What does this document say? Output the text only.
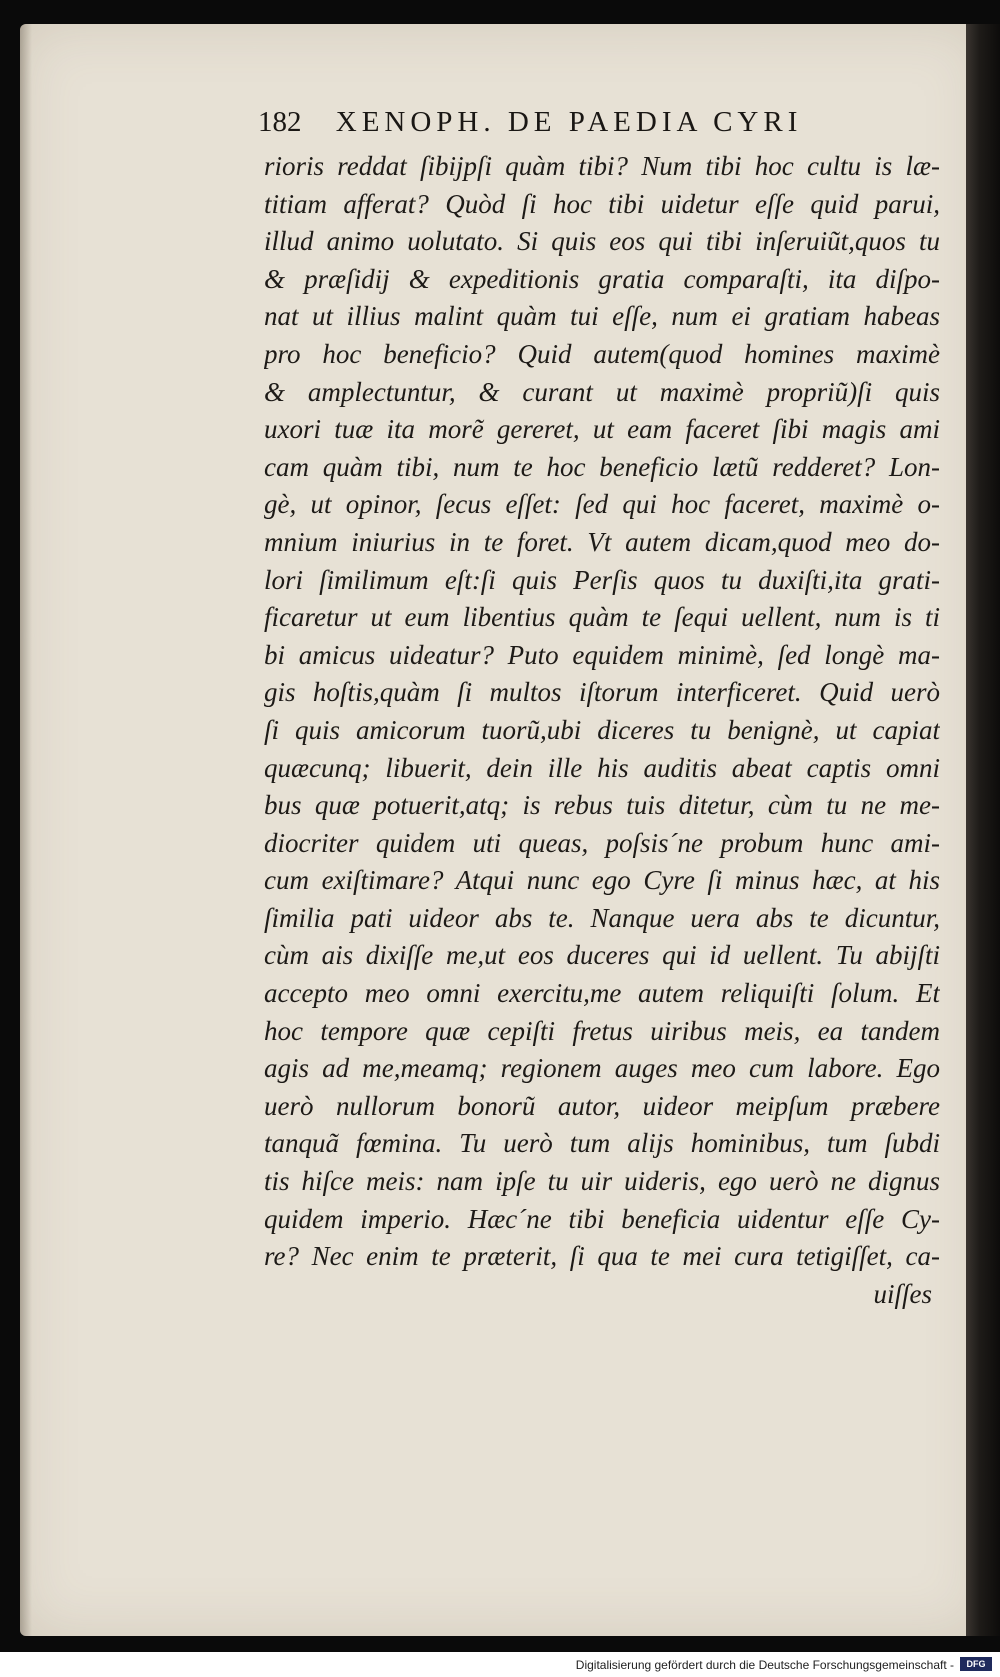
182 XENOPH. DE PAEDIA CYRI
rioris reddat ſibijpſi quàm tibi? Num tibi hoc cultu is læ-
titiam afferat? Quòd ſi hoc tibi uidetur eſſe quid parui,
illud animo uolutato. Si quis eos qui tibi inſeruiũt,quos tu
& præſidij & expeditionis gratia comparaſti, ita diſpo-
nat ut illius malint quàm tui eſſe, num ei gratiam habeas
pro hoc beneficio? Quid autem(quod homines maximè
& amplectuntur, & curant ut maximè propriũ)ſi quis
uxori tuæ ita morẽ gereret, ut eam faceret ſibi magis ami
cam quàm tibi, num te hoc beneficio lætũ redderet? Lon-
gè, ut opinor, ſecus eſſet: ſed qui hoc faceret, maximè o-
mnium iniurius in te foret. Vt autem dicam,quod meo do-
lori ſimilimum eſt:ſi quis Perſis quos tu duxiſti,ita grati-
ficaretur ut eum libentius quàm te ſequi uellent, num is ti
bi amicus uideatur? Puto equidem minimè, ſed longè ma-
gis hoſtis,quàm ſi multos iſtorum interficeret. Quid uerò
ſi quis amicorum tuorũ,ubi diceres tu benignè, ut capiat
quæcunq; libuerit, dein ille his auditis abeat captis omni
bus quæ potuerit,atq; is rebus tuis ditetur, cùm tu ne me-
diocriter quidem uti queas, poſsis´ne probum hunc ami-
cum exiſtimare? Atqui nunc ego Cyre ſi minus hæc, at his
ſimilia pati uideor abs te. Nanque uera abs te dicuntur,
cùm ais dixiſſe me,ut eos duceres qui id uellent. Tu abijſti
accepto meo omni exercitu,me autem reliquiſti ſolum. Et
hoc tempore quæ cepiſti fretus uiribus meis, ea tandem
agis ad me,meamq; regionem auges meo cum labore. Ego
uerò nullorum bonorũ autor, uideor meipſum præbere
tanquã fœmina. Tu uerò tum alijs hominibus, tum ſubdi
tis hiſce meis: nam ipſe tu uir uideris, ego uerò ne dignus
quidem imperio. Hæc´ne tibi beneficia uidentur eſſe Cy-
re? Nec enim te præterit, ſi qua te mei cura tetigiſſet, ca-
uiſſes
Digitalisierung gefördert durch die Deutsche Forschungsgemeinschaft -	DFG
